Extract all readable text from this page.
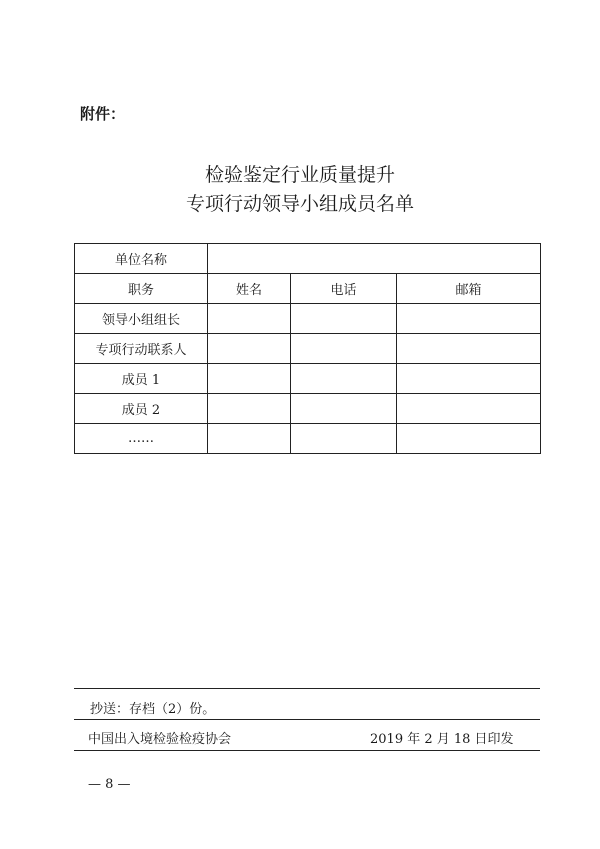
附件：
检验鉴定行业质量提升
专项行动领导小组成员名单
单位名称			
职务	姓名	电话	邮箱
领导小组组长			
专项行动联系人			
成员 1			
成员 2			
……			
抄送：存档（2）份。
中国出入境检验检疫协会	2019 年 2 月 18 日印发
— 8 —
